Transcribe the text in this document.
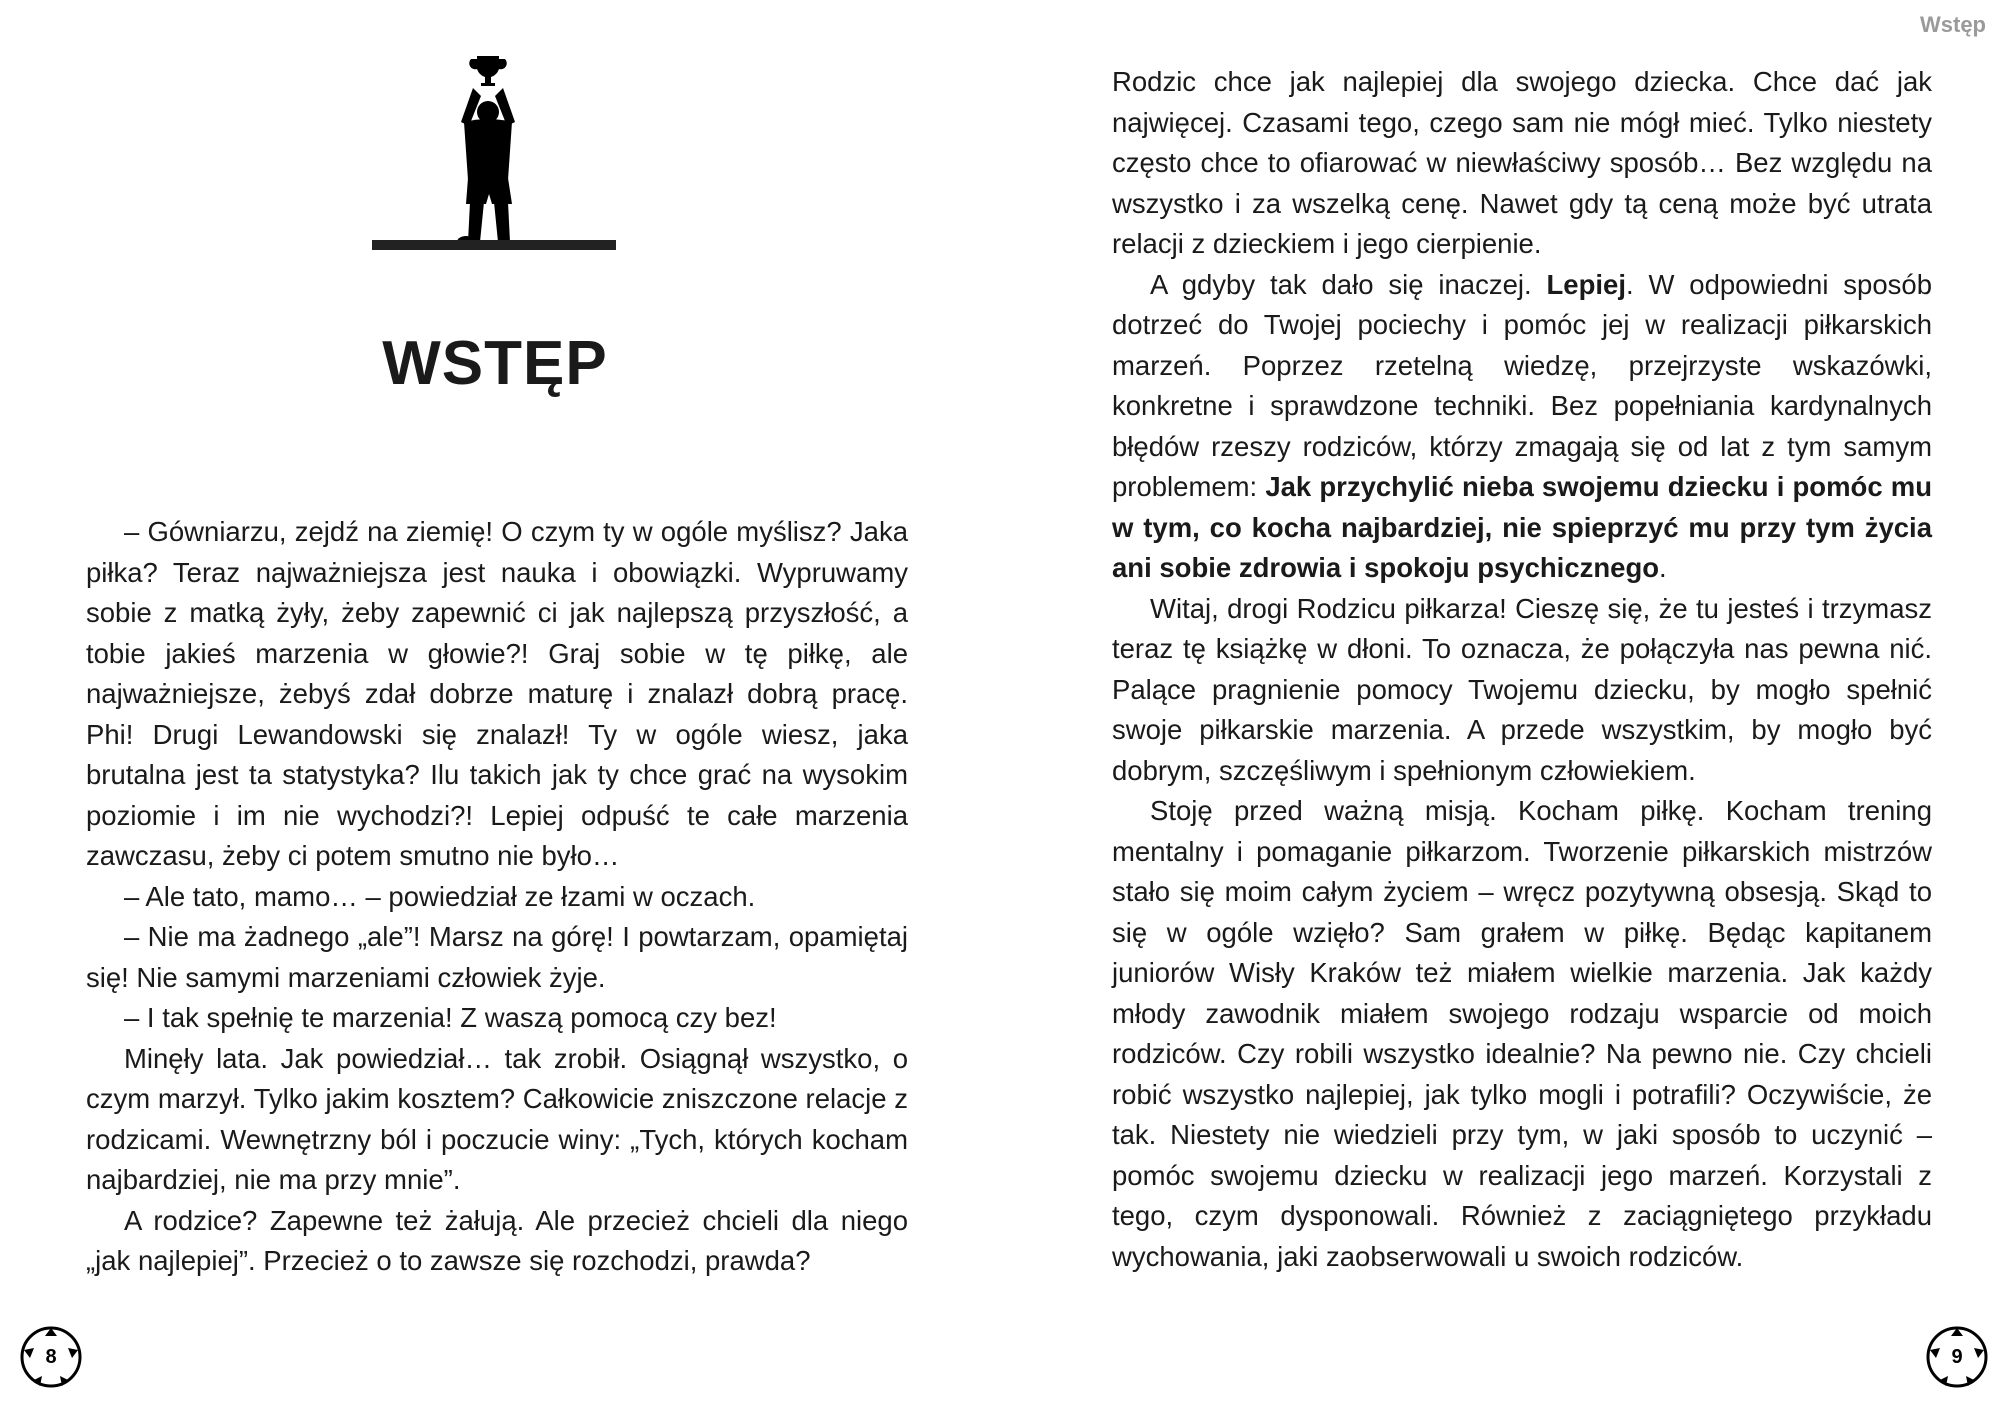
Wstęp
WSTĘP

– Gówniarzu, zejdź na ziemię! O czym ty w ogóle myślisz? Jaka piłka? Teraz najważniejsza jest nauka i obowiązki. Wypruwamy sobie z matką żyły, żeby zapewnić ci jak najlepszą przyszłość, a tobie jakieś marzenia w głowie?! Graj sobie w tę piłkę, ale najważniejsze, żebyś zdał dobrze maturę i znalazł dobrą pracę. Phi! Drugi Lewandowski się znalazł! Ty w ogóle wiesz, jaka brutalna jest ta statystyka? Ilu takich jak ty chce grać na wysokim poziomie i im nie wychodzi?! Lepiej odpuść te całe marzenia zawczasu, żeby ci potem smutno nie było…

– Ale tato, mamo… – powiedział ze łzami w oczach.

– Nie ma żadnego „ale”! Marsz na górę! I powtarzam, opamiętaj się! Nie samymi marzeniami człowiek żyje.

– I tak spełnię te marzenia! Z waszą pomocą czy bez!

Minęły lata. Jak powiedział… tak zrobił. Osiągnął wszystko, o czym marzył. Tylko jakim kosztem? Całkowicie zniszczone relacje z rodzicami. Wewnętrzny ból i poczucie winy: „Tych, których kocham najbardziej, nie ma przy mnie”.

A rodzice? Zapewne też żałują. Ale przecież chcieli dla niego „jak najlepiej”. Przecież o to zawsze się rozchodzi, prawda?

Rodzic chce jak najlepiej dla swojego dziecka. Chce dać jak najwięcej. Czasami tego, czego sam nie mógł mieć. Tylko niestety często chce to ofiarować w niewłaściwy sposób… Bez względu na wszystko i za wszelką cenę. Nawet gdy tą ceną może być utrata relacji z dzieckiem i jego cierpienie.

A gdyby tak dało się inaczej. Lepiej. W odpowiedni sposób dotrzeć do Twojej pociechy i pomóc jej w realizacji piłkarskich marzeń. Poprzez rzetelną wiedzę, przejrzyste wskazówki, konkretne i sprawdzone techniki. Bez popełniania kardynalnych błędów rzeszy rodziców, którzy zmagają się od lat z tym samym problemem: Jak przychylić nieba swojemu dziecku i pomóc mu w tym, co kocha najbardziej, nie spieprzyć mu przy tym życia ani sobie zdrowia i spokoju psychicznego.

Witaj, drogi Rodzicu piłkarza! Cieszę się, że tu jesteś i trzymasz teraz tę książkę w dłoni. To oznacza, że połączyła nas pewna nić. Palące pragnienie pomocy Twojemu dziecku, by mogło spełnić swoje piłkarskie marzenia. A przede wszystkim, by mogło być dobrym, szczęśliwym i spełnionym człowiekiem.

Stoję przed ważną misją. Kocham piłkę. Kocham trening mentalny i pomaganie piłkarzom. Tworzenie piłkarskich mistrzów stało się moim całym życiem – wręcz pozytywną obsesją. Skąd to się w ogóle wzięło? Sam grałem w piłkę. Będąc kapitanem juniorów Wisły Kraków też miałem wielkie marzenia. Jak każdy młody zawodnik miałem swojego rodzaju wsparcie od moich rodziców. Czy robili wszystko idealnie? Na pewno nie. Czy chcieli robić wszystko najlepiej, jak tylko mogli i potrafili? Oczywiście, że tak. Niestety nie wiedzieli przy tym, w jaki sposób to uczynić – pomóc swojemu dziecku w realizacji jego marzeń. Korzystali z tego, czym dysponowali. Również z zaciągniętego przykładu wychowania, jaki zaobserwowali u swoich rodziców.

8	9
